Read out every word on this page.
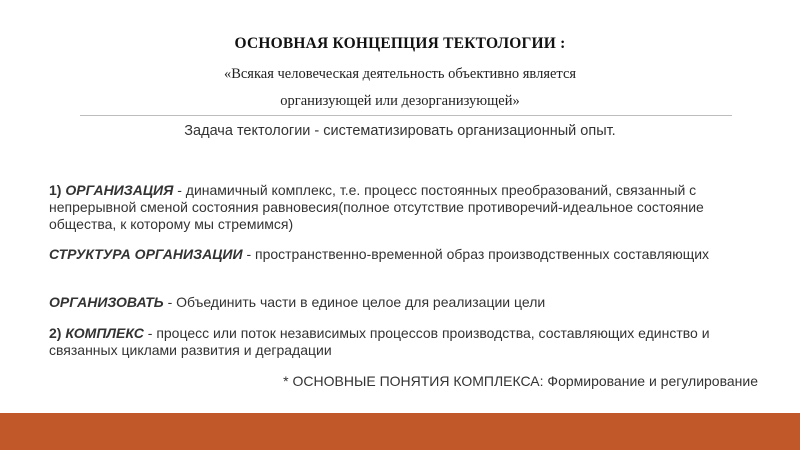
ОСНОВНАЯ КОНЦЕПЦИЯ ТЕКТОЛОГИИ :
«Всякая человеческая деятельность объективно является
организующей или дезорганизующей»
Задача тектологии - систематизировать организационный опыт.
1) ОРГАНИЗАЦИЯ - динамичный комплекс, т.е. процесс постоянных преобразований, связанный с непрерывной сменой состояния равновесия(полное отсутствие противоречий-идеальное состояние общества, к которому мы стремимся)
СТРУКТУРА ОРГАНИЗАЦИИ - пространственно-временной образ производственных составляющих
ОРГАНИЗОВАТЬ - Объединить части в единое целое для реализации цели
2) КОМПЛЕКС - процесс или поток независимых процессов производства, составляющих единство и связанных циклами развития и деградации
* ОСНОВНЫЕ ПОНЯТИЯ КОМПЛЕКСА: Формирование и регулирование
